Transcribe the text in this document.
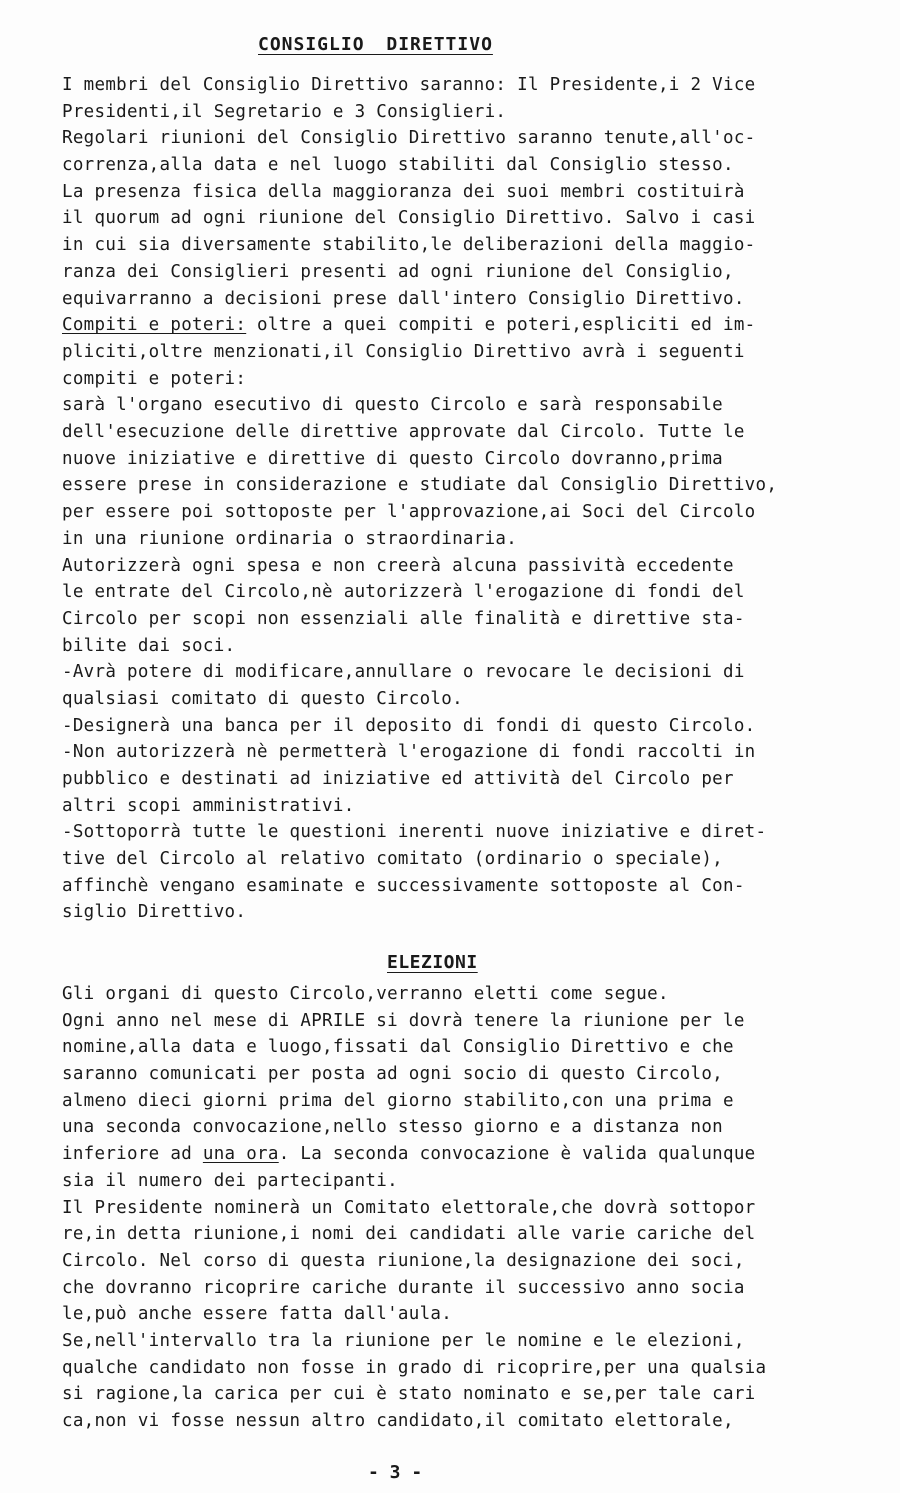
CONSIGLIO DIRETTIVO
I membri del Consiglio Direttivo saranno: Il Presidente,i 2 Vice
Presidenti,il Segretario e 3 Consiglieri.
Regolari riunioni del Consiglio Direttivo saranno tenute,all'oc-
correnza,alla data e nel luogo stabiliti dal Consiglio stesso.
La presenza fisica della maggioranza dei suoi membri costituirà
il quorum ad ogni riunione del Consiglio Direttivo. Salvo i casi
in cui sia diversamente stabilito,le deliberazioni della maggio-
ranza dei Consiglieri presenti ad ogni riunione del Consiglio,
equivarranno a decisioni prese dall'intero Consiglio Direttivo.
Compiti e poteri: oltre a quei compiti e poteri,espliciti ed im-
pliciti,oltre menzionati,il Consiglio Direttivo avrà i seguenti
compiti e poteri:
sarà l'organo esecutivo di questo Circolo e sarà responsabile
dell'esecuzione delle direttive approvate dal Circolo. Tutte le
nuove iniziative e direttive di questo Circolo dovranno,prima
essere prese in considerazione e studiate dal Consiglio Direttivo,
per essere poi sottoposte per l'approvazione,ai Soci del Circolo
in una riunione ordinaria o straordinaria.
Autorizzerà ogni spesa e non creerà alcuna passività eccedente
le entrate del Circolo,nè autorizzerà l'erogazione di fondi del
Circolo per scopi non essenziali alle finalità e direttive sta-
bilite dai soci.
-Avrà potere di modificare,annullare o revocare le decisioni di
qualsiasi comitato di questo Circolo.
-Designerà una banca per il deposito di fondi di questo Circolo.
-Non autorizzerà nè permetterà l'erogazione di fondi raccolti in
pubblico e destinati ad iniziative ed attività del Circolo per
altri scopi amministrativi.
-Sottoporrà tutte le questioni inerenti nuove iniziative e diret-
tive del Circolo al relativo comitato (ordinario o speciale),
affinchè vengano esaminate e successivamente sottoposte al Con-
siglio Direttivo.
ELEZIONI
Gli organi di questo Circolo,verranno eletti come segue.
Ogni anno nel mese di APRILE si dovrà tenere la riunione per le
nomine,alla data e luogo,fissati dal Consiglio Direttivo e che
saranno comunicati per posta ad ogni socio di questo Circolo,
almeno dieci giorni prima del giorno stabilito,con una prima e
una seconda convocazione,nello stesso giorno e a distanza non
inferiore ad una ora. La seconda convocazione è valida qualunque
sia il numero dei partecipanti.
Il Presidente nominerà un Comitato elettorale,che dovrà sottopor
re,in detta riunione,i nomi dei candidati alle varie cariche del
Circolo. Nel corso di questa riunione,la designazione dei soci,
che dovranno ricoprire cariche durante il successivo anno socia
le,può anche essere fatta dall'aula.
Se,nell'intervallo tra la riunione per le nomine e le elezioni,
qualche candidato non fosse in grado di ricoprire,per una qualsia
si ragione,la carica per cui è stato nominato e se,per tale cari
ca,non vi fosse nessun altro candidato,il comitato elettorale,
- 3 -
